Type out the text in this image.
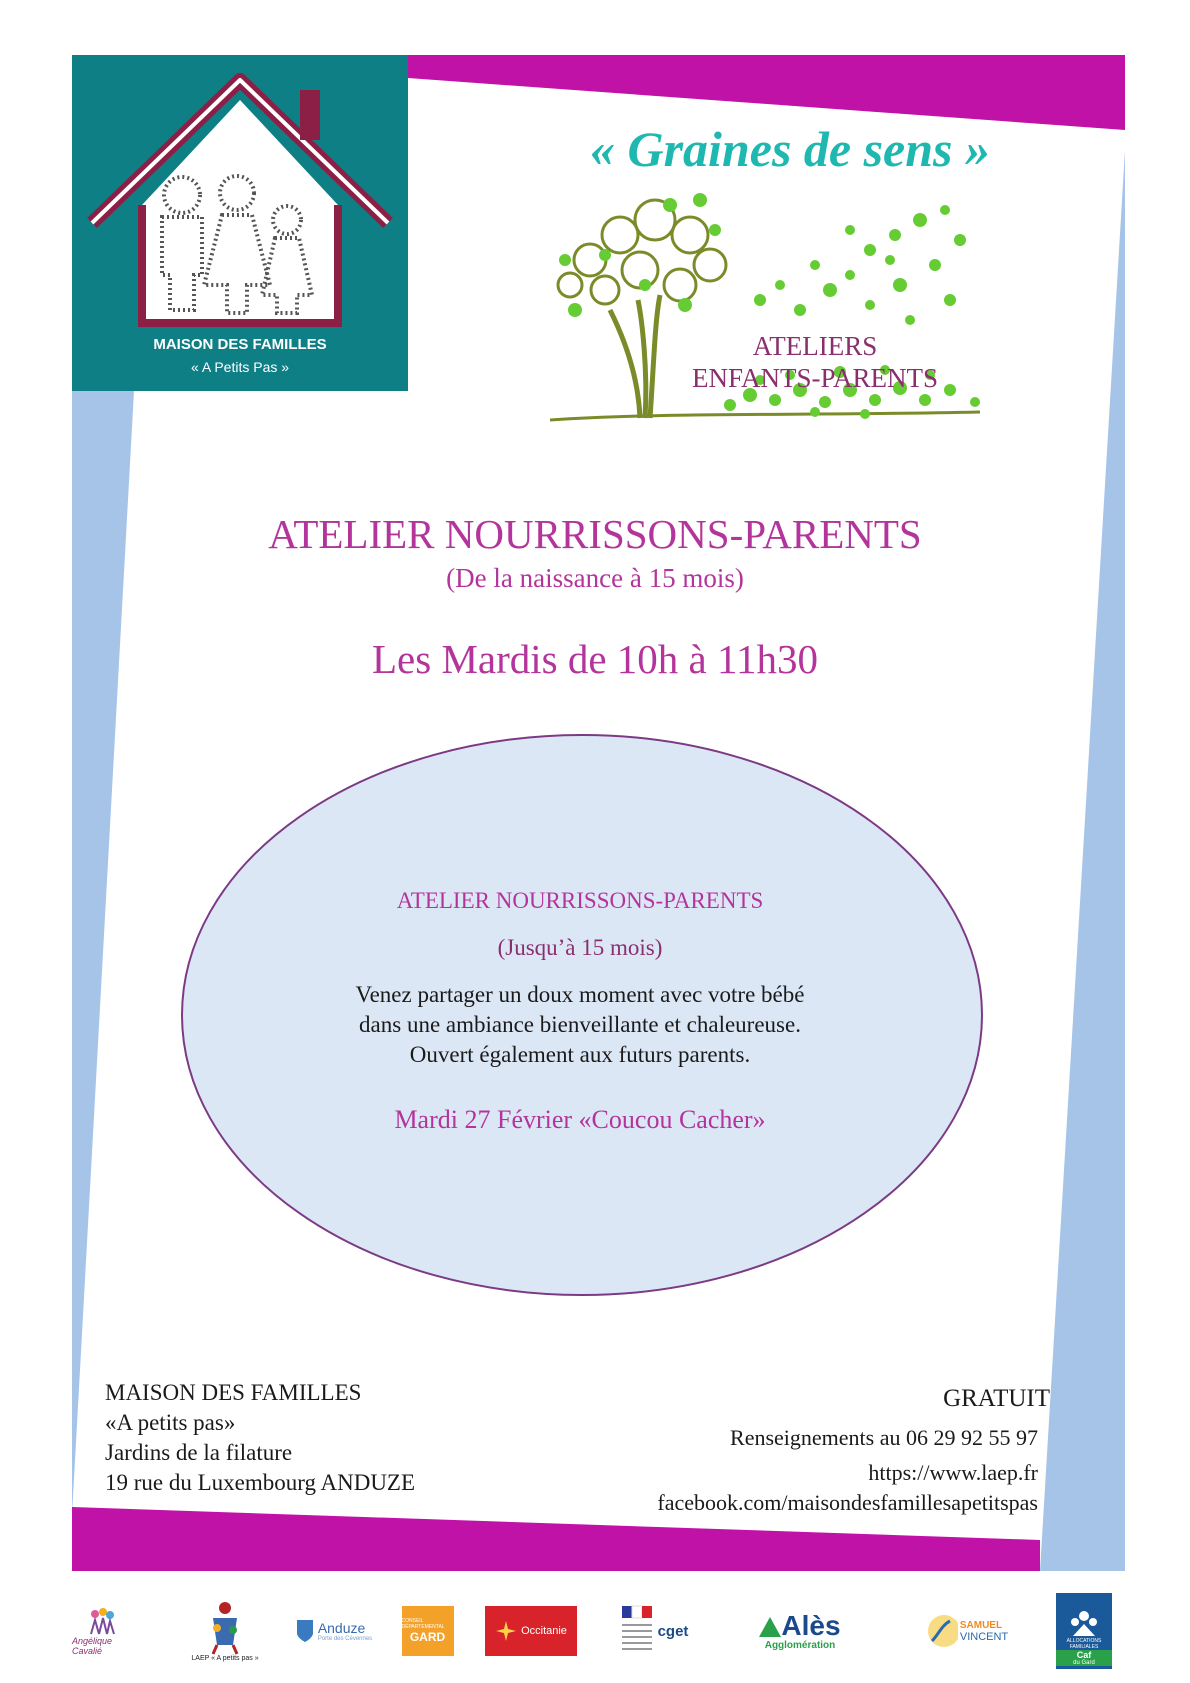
MAISON DES FAMILLES
« A Petits Pas »
« Graines de sens »
ATELIERS
ENFANTS-PARENTS
ATELIER NOURRISSONS-PARENTS
(De la naissance à 15 mois)
Les Mardis de 10h à 11h30
ATELIER NOURRISSONS-PARENTS
(Jusqu’à 15 mois)
Venez partager un doux moment avec votre bébé
dans une ambiance bienveillante et chaleureuse.
Ouvert également aux futurs parents.
Mardi 27 Février «Coucou Cacher»
MAISON DES FAMILLES
«A petits pas»
Jardins de la filature
19 rue du Luxembourg ANDUZE
GRATUIT
Renseignements au 06 29 92 55 97
https://www.laep.fr
facebook.com/maisondesfamillesapetitspas
Angélique Cavalié
LAEP « A petits pas »
Anduze
Porte des Cévennes
CONSEIL DÉPARTEMENTAL
GARD	Occitanie	cget	Alès
Agglomération
SAMUEL
VINCENT	ALLOCATIONS FAMILIALES
Caf
du Gard
